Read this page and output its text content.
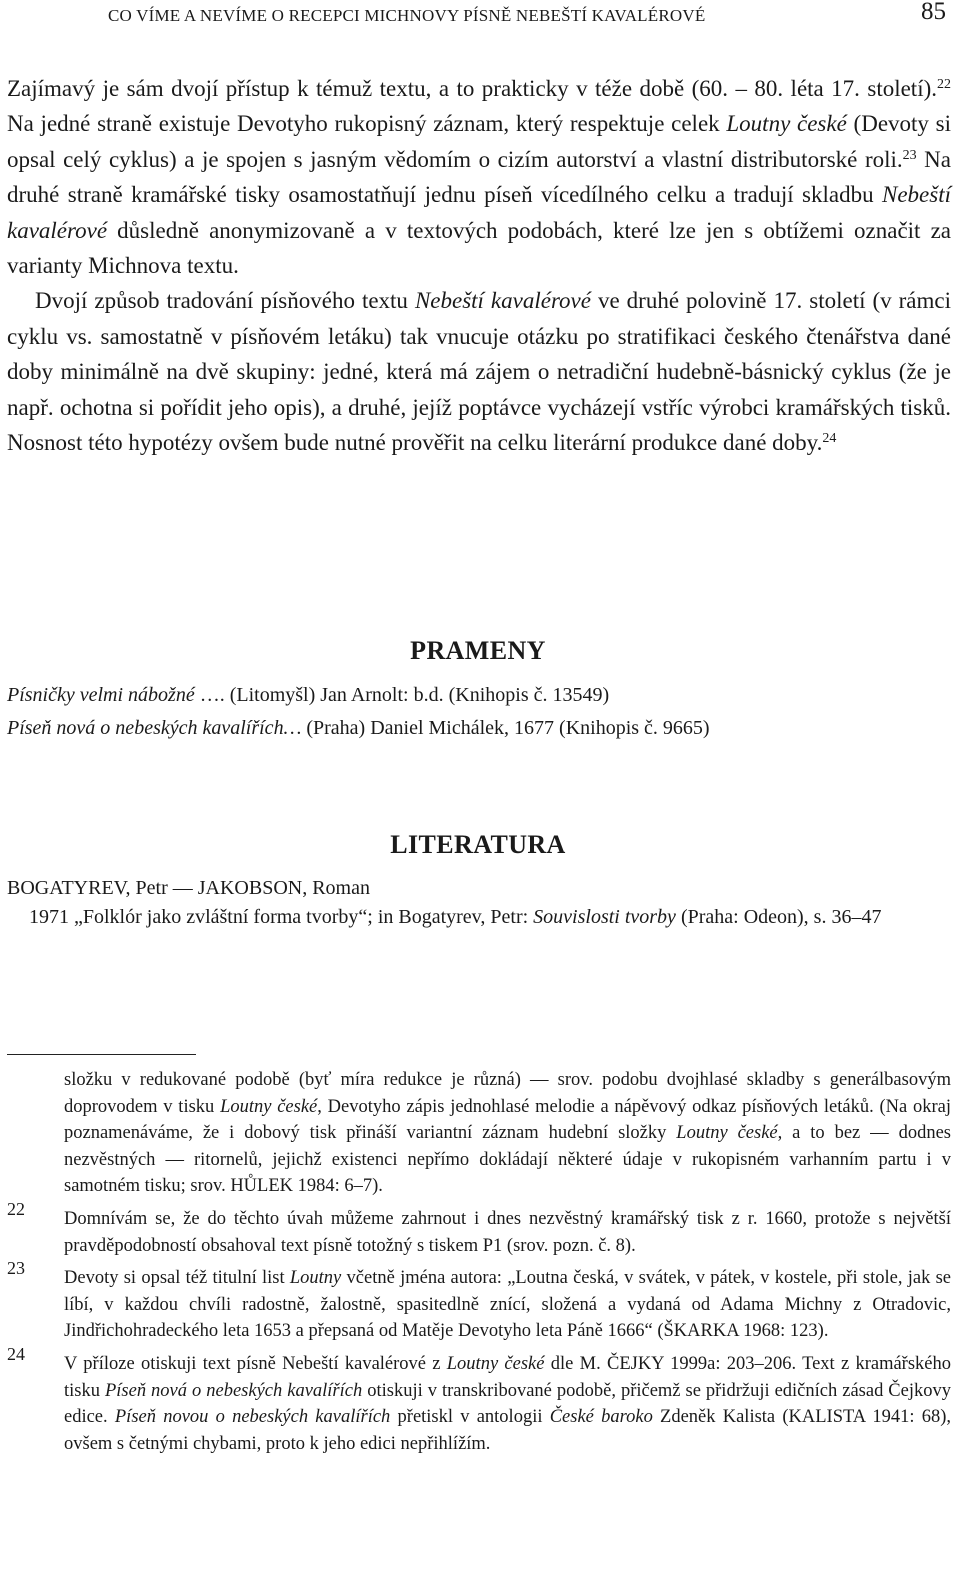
CO VÍME A NEVÍME O RECEPCI MICHNOVY PÍSNĚ NEBEŠTÍ KAVALÉROVÉ	85

Zajímavý je sám dvojí přístup k témuž textu, a to prakticky v téže době (60. – 80. léta 17. století).$^{22}$ Na jedné straně existuje Devotyho rukopisný záznam, který respektuje celek Loutny české (Devoty si opsal celý cyklus) a je spojen s jasným vědomím o cizím autorství a vlastní distributorské roli.$^{23}$ Na druhé straně kramářské tisky osamostatňují jednu píseň vícedílného celku a tradují skladbu Nebeští kavalérové důsledně anonymizovaně a v textových podobách, které lze jen s obtížemi označit za varianty Michnova textu.

Dvojí způsob tradování písňového textu Nebeští kavalérové ve druhé polovině 17. století (v rámci cyklu vs. samostatně v písňovém letáku) tak vnucuje otázku po stratifikaci českého čtenářstva dané doby minimálně na dvě skupiny: jedné, která má zájem o netradiční hudebně-básnický cyklus (že je např. ochotna si pořídit jeho opis), a druhé, jejíž poptávce vycházejí vstříc výrobci kramářských tisků. Nosnost této hypotézy ovšem bude nutné prověřit na celku literární produkce dané doby.$^{24}$

PRAMENY
Písničky velmi nábožné …. (Litomyšl) Jan Arnolt: b.d. (Knihopis č. 13549)
Píseň nová o nebeských kavalířích… (Praha) Daniel Michálek, 1677 (Knihopis č. 9665)
LITERATURA
BOGATYREV, Petr — JAKOBSON, Roman
1971 „Folklór jako zvláštní forma tvorby“; in Bogatyrev, Petr: Souvislosti tvorby (Praha: Odeon), s. 36–47
složku v redukované podobě (byť míra redukce je různá) — srov. podobu dvojhlasé skladby s generálbasovým doprovodem v tisku Loutny české, Devotyho zápis jednohlasé melodie a nápěvový odkaz písňových letáků. (Na okraj poznamenáváme, že i dobový tisk přináší variantní záznam hudební složky Loutny české, a to bez — dodnes nezvěstných — ritornelů, jejichž existenci nepřímo dokládají některé údaje v rukopisném varhanním partu i v samotném tisku; srov. HŮLEK 1984: 6–7).
22 Domnívám se, že do těchto úvah můžeme zahrnout i dnes nezvěstný kramářský tisk z r. 1660, protože s největší pravděpodobností obsahoval text písně totožný s tiskem P1 (srov. pozn. č. 8).
23 Devoty si opsal též titulní list Loutny včetně jména autora: „Loutna česká, v svátek, v pátek, v kostele, při stole, jak se líbí, v každou chvíli radostně, žalostně, spasitedlně znící, složená a vydaná od Adama Michny z Otradovic, Jindřichohradeckého leta 1653 a přepsaná od Matěje Devotyho leta Páně 1666“ (ŠKARKA 1968: 123).
24 V příloze otiskuji text písně Nebeští kavalérové z Loutny české dle M. ČEJKY 1999a: 203–206. Text z kramářského tisku Píseň nová o nebeských kavalířích otiskuji v transkribované podobě, přičemž se přidržuji edičních zásad Čejkovy edice. Píseň novou o nebeských kavalířích přetiskl v antologii České baroko Zdeněk Kalista (KALISTA 1941: 68), ovšem s četnými chybami, proto k jeho edici nepřihlížím.
